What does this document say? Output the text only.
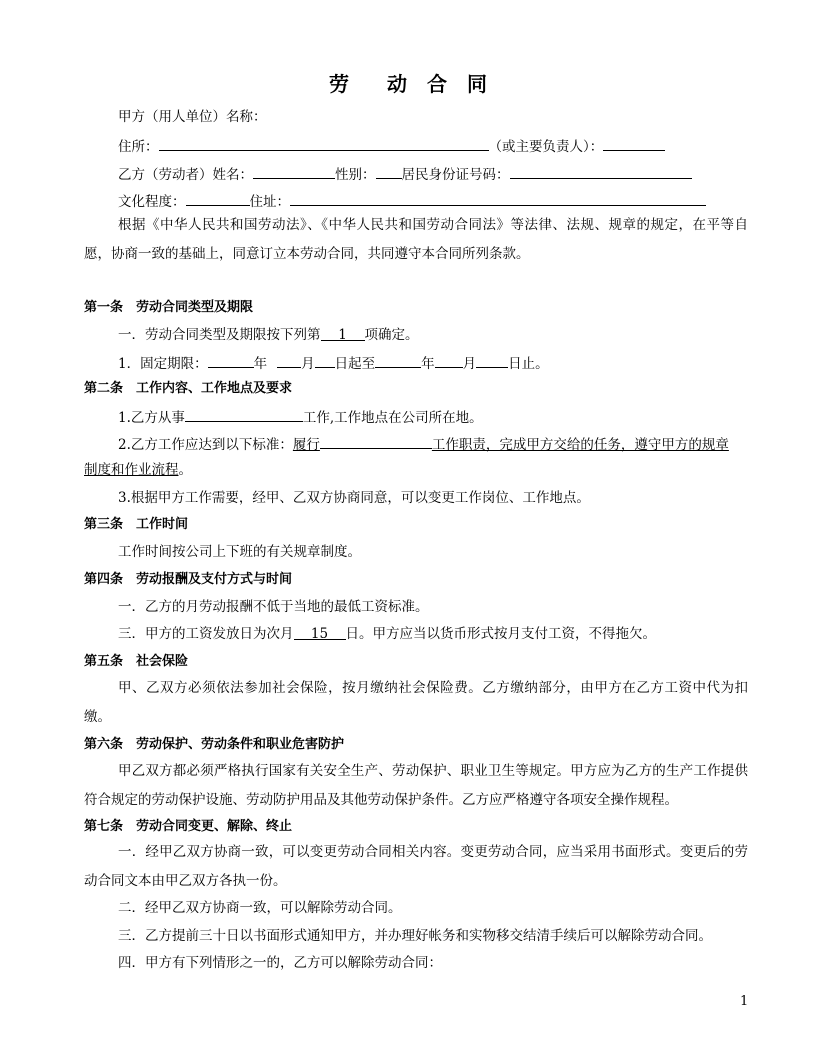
劳 动 合 同
甲方（用人单位）名称：
住所：	（或主要负责人）：
乙方（劳动者）姓名：	性别： 居民身份证号码：
文化程度：	住址：
根据《中华人民共和国劳动法》、《中华人民共和国劳动合同法》等法律、法规、规章的规定，在平等自愿，协商一致的基础上，同意订立本劳动合同，共同遵守本合同所列条款。
第一条　劳动合同类型及期限
一．劳动合同类型及期限按下列第 1 项确定。
1．固定期限：	年	月 日起至	年 月 日止。
第二条　工作内容、工作地点及要求
1.乙方从事	工作,工作地点在公司所在地。
2.乙方工作应达到以下标准：履行	工作职责，完成甲方交给的任务，遵守甲方的规章
制度和作业流程。
3.根据甲方工作需要，经甲、乙双方协商同意，可以变更工作岗位、工作地点。
第三条　工作时间
工作时间按公司上下班的有关规章制度。
第四条　劳动报酬及支付方式与时间
一．乙方的月劳动报酬不低于当地的最低工资标准。
三．甲方的工资发放日为次月 15 日。甲方应当以货币形式按月支付工资，不得拖欠。
第五条　社会保险
甲、乙双方必须依法参加社会保险，按月缴纳社会保险费。乙方缴纳部分，由甲方在乙方工资中代为扣缴。
第六条　劳动保护、劳动条件和职业危害防护
甲乙双方都必须严格执行国家有关安全生产、劳动保护、职业卫生等规定。甲方应为乙方的生产工作提供符合规定的劳动保护设施、劳动防护用品及其他劳动保护条件。乙方应严格遵守各项安全操作规程。
第七条　劳动合同变更、解除、终止
一．经甲乙双方协商一致，可以变更劳动合同相关内容。变更劳动合同，应当采用书面形式。变更后的劳动合同文本由甲乙双方各执一份。
二．经甲乙双方协商一致，可以解除劳动合同。
三．乙方提前三十日以书面形式通知甲方，并办理好帐务和实物移交结清手续后可以解除劳动合同。
四．甲方有下列情形之一的，乙方可以解除劳动合同：
1
